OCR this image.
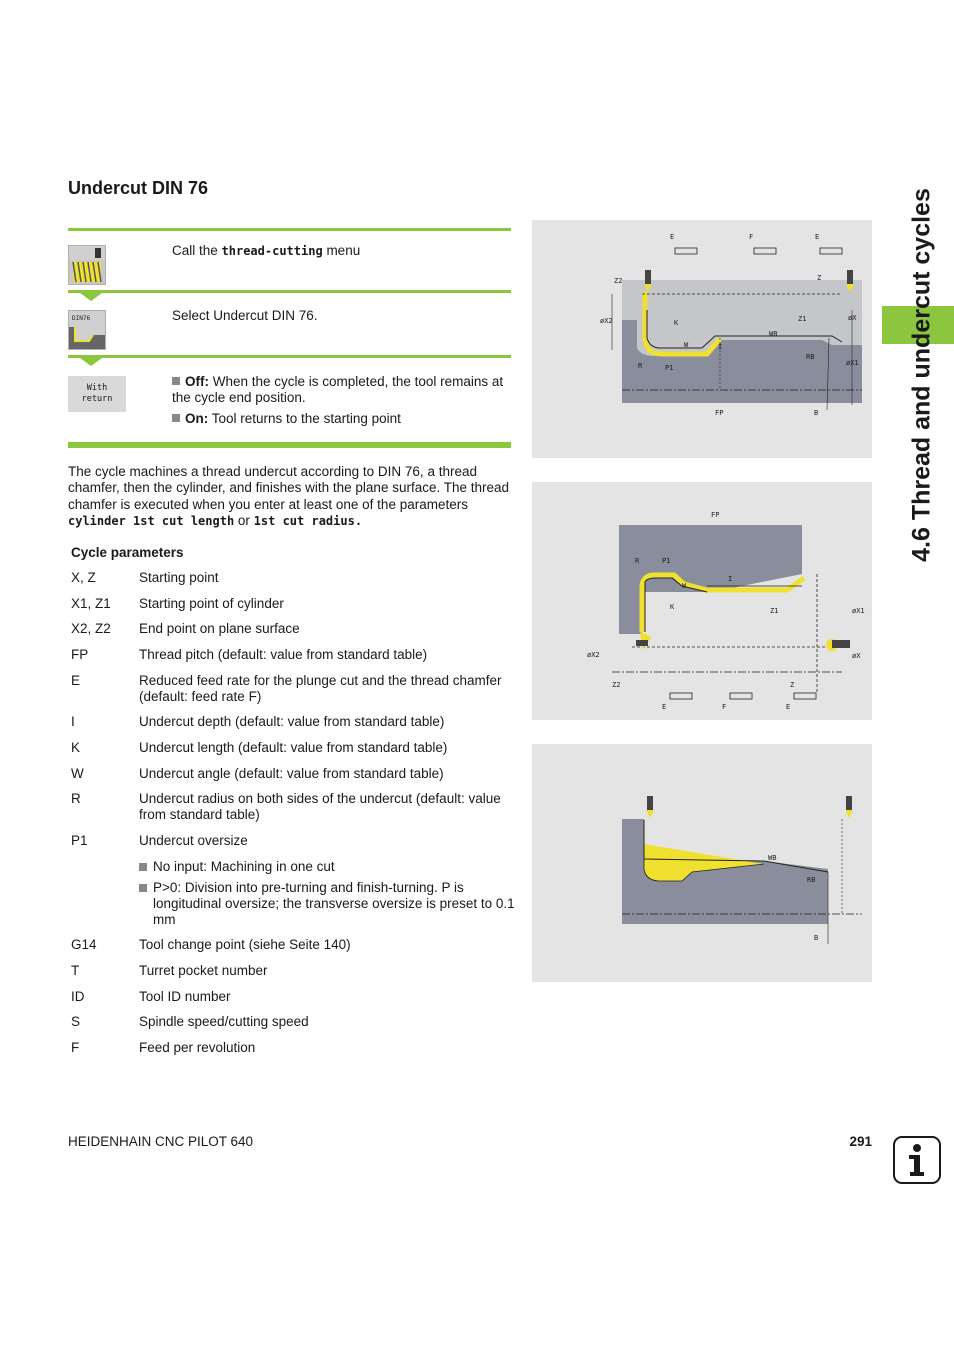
Undercut DIN 76
Call the thread-cutting menu
DIN76	Select Undercut DIN 76.
With
return
Off: When the cycle is completed, the tool remains at the cycle end position.
On: Tool returns to the starting point
The cycle machines a thread undercut according to DIN 76, a thread chamfer, then the cylinder, and finishes with the plane surface. The thread chamfer is executed when you enter at least one of the parameters cylinder 1st cut length or 1st cut radius.
Cycle parameters
X, Z	Starting point
X1, Z1	Starting point of cylinder
X2, Z2	End point on plane surface
FP	Thread pitch (default: value from standard table)
E	Reduced feed rate for the plunge cut and the thread chamfer (default: feed rate F)
I	Undercut depth (default: value from standard table)
K	Undercut length (default: value from standard table)
W	Undercut angle (default: value from standard table)
R	Undercut radius on both sides of the undercut (default: value from standard table)
P1	Undercut oversize
No input: Machining in one cut
P>0: Division into pre-turning and finish-turning. P is longitudinal oversize; the transverse oversize is preset to 0.1 mm
G14	Tool change point (siehe Seite 140)
T	Turret pocket number
ID	Tool ID number
S	Spindle speed/cutting speed
F	Feed per revolution
E	F	E
Z2	Z
øX2	øX
K
I
W
WB
Z1
RB
R	P1
øX1
FP	B
FP
R	P1
W
I
K	Z1	øX1
øX2	øX
Z2	Z
E	F	E
WB
RB
B
4.6 Thread and undercut cycles
HEIDENHAIN CNC PILOT 640	291
